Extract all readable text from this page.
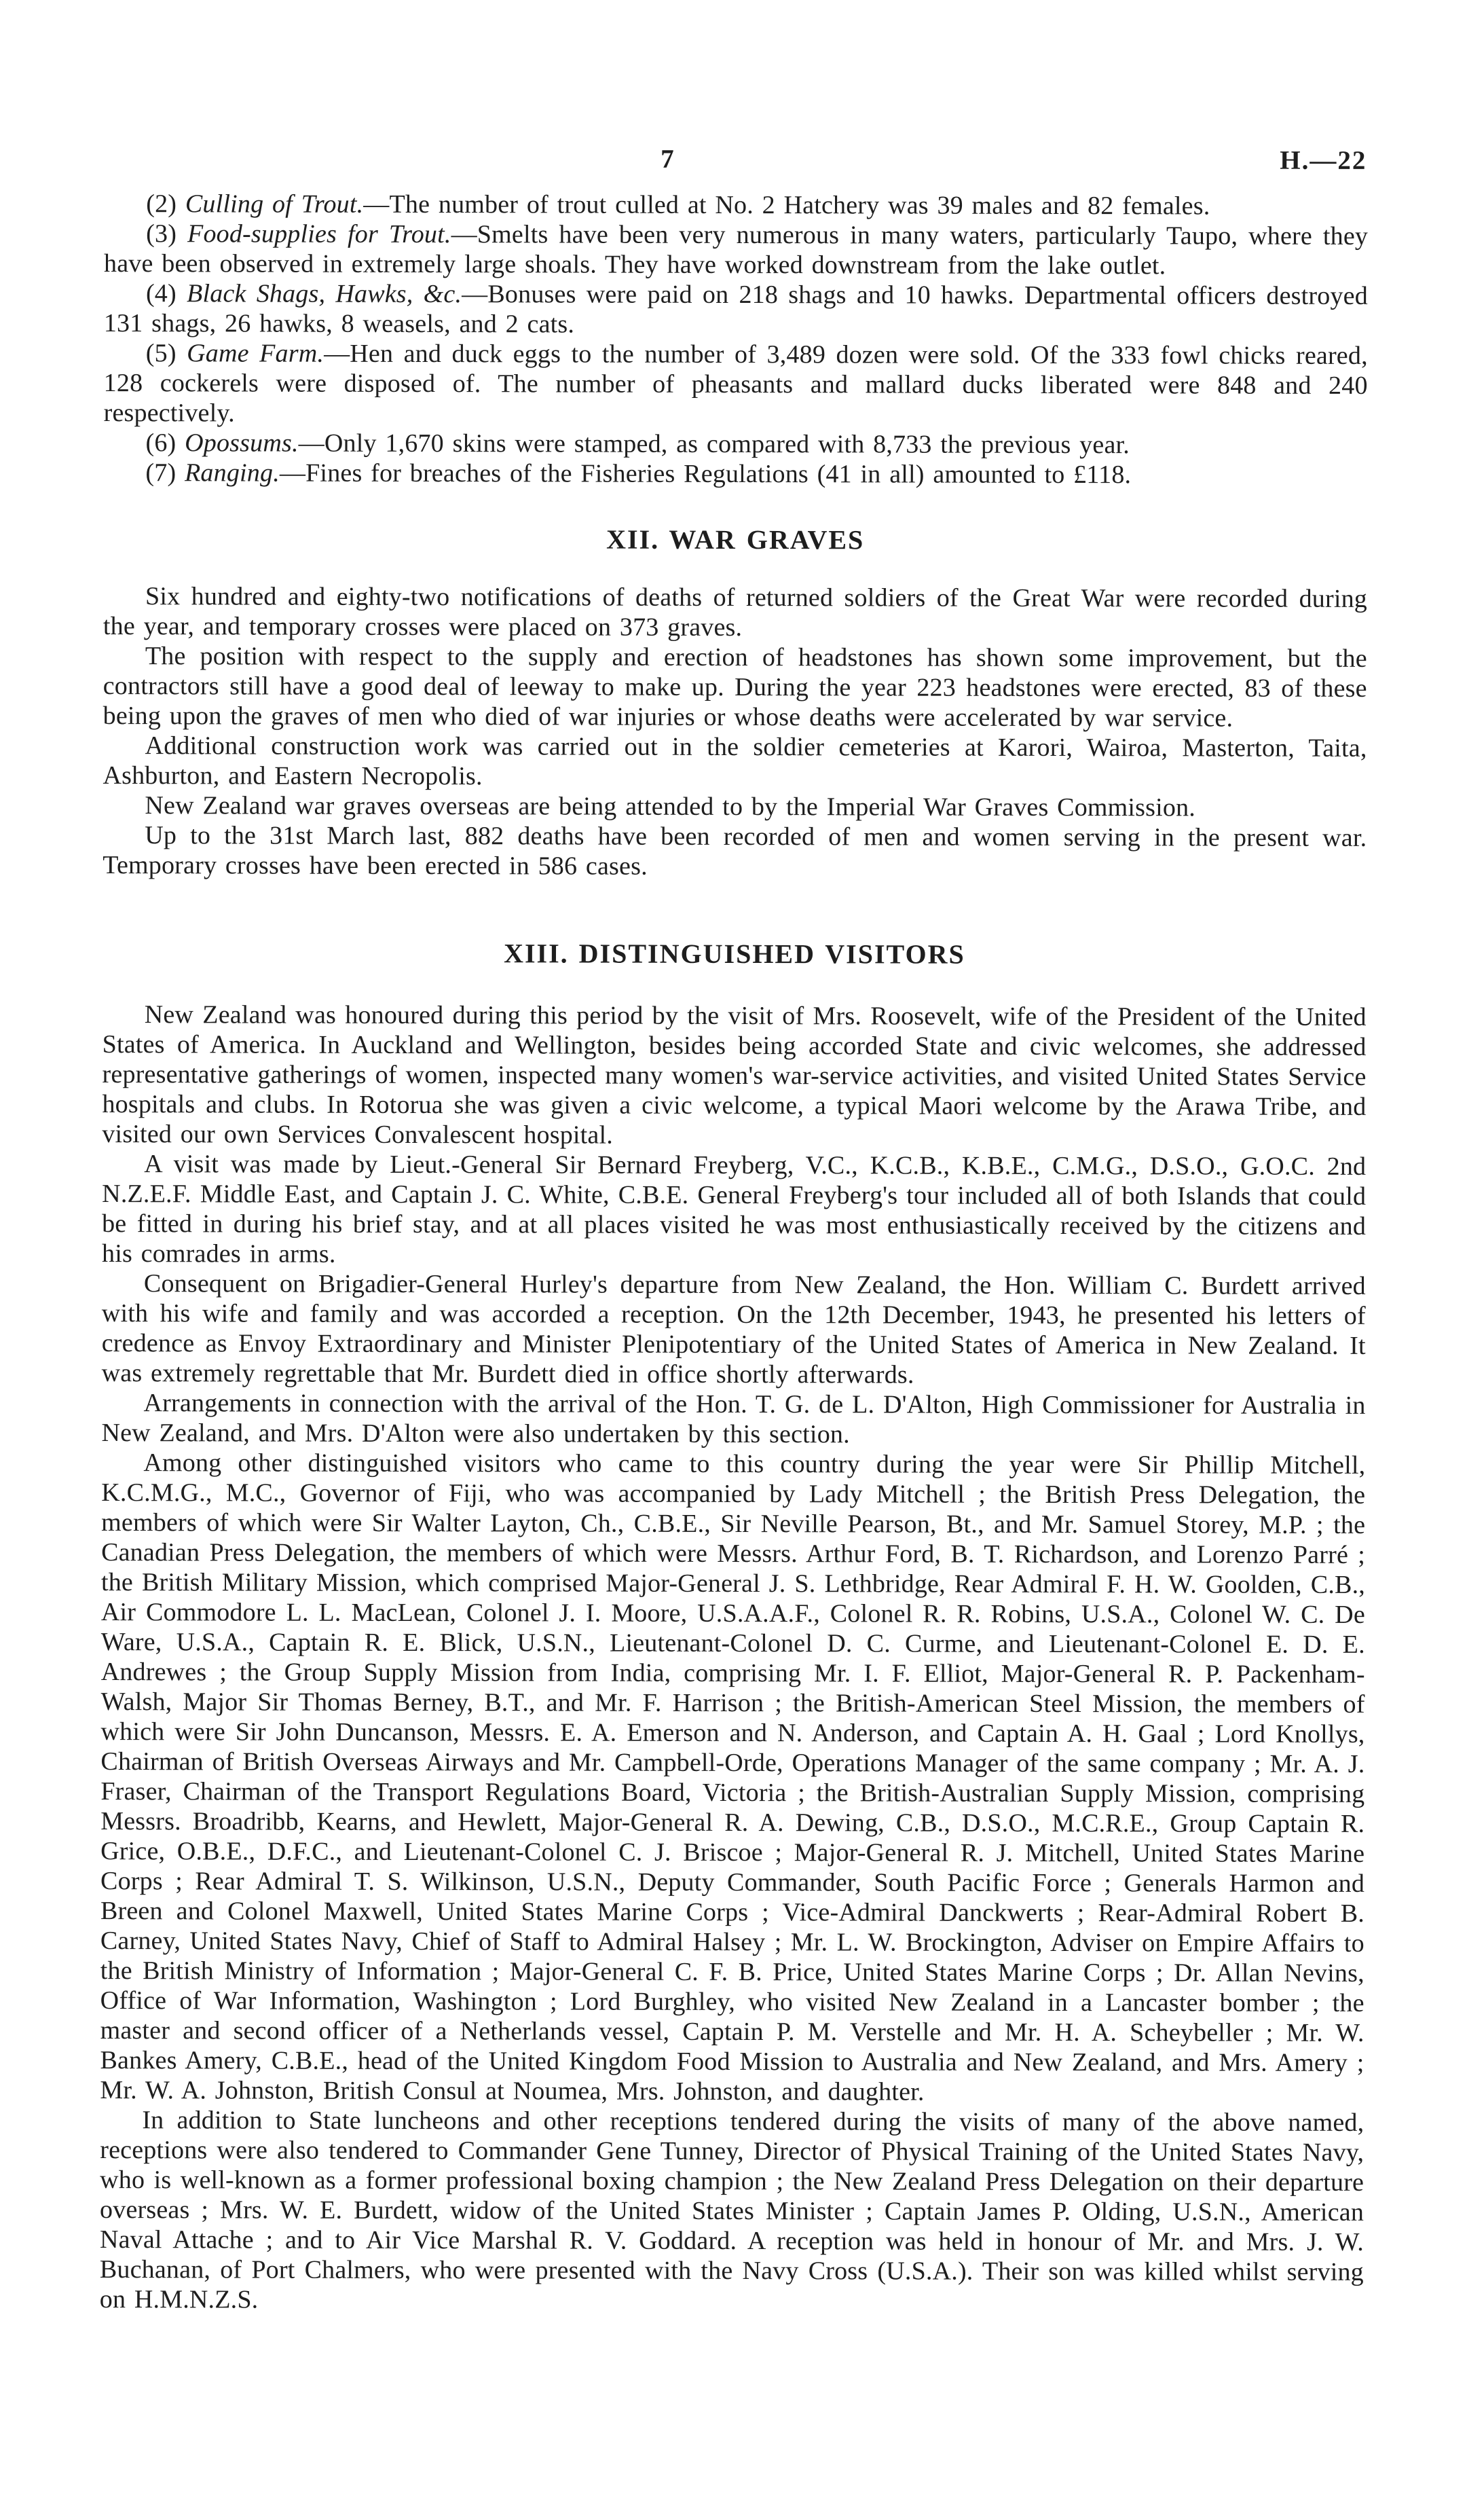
7	H.—22

(2) Culling of Trout.—The number of trout culled at No. 2 Hatchery was 39 males and 82 females.

(3) Food-supplies for Trout.—Smelts have been very numerous in many waters, particularly Taupo, where they have been observed in extremely large shoals. They have worked downstream from the lake outlet.

(4) Black Shags, Hawks, &c.—Bonuses were paid on 218 shags and 10 hawks. Departmental officers destroyed 131 shags, 26 hawks, 8 weasels, and 2 cats.

(5) Game Farm.—Hen and duck eggs to the number of 3,489 dozen were sold. Of the 333 fowl chicks reared, 128 cockerels were disposed of. The number of pheasants and mallard ducks liberated were 848 and 240 respectively.

(6) Opossums.—Only 1,670 skins were stamped, as compared with 8,733 the previous year.

(7) Ranging.—Fines for breaches of the Fisheries Regulations (41 in all) amounted to £118.

XII. WAR GRAVES

Six hundred and eighty-two notifications of deaths of returned soldiers of the Great War were recorded during the year, and temporary crosses were placed on 373 graves.

The position with respect to the supply and erection of headstones has shown some improvement, but the contractors still have a good deal of leeway to make up. During the year 223 headstones were erected, 83 of these being upon the graves of men who died of war injuries or whose deaths were accelerated by war service.

Additional construction work was carried out in the soldier cemeteries at Karori, Wairoa, Masterton, Taita, Ashburton, and Eastern Necropolis.

New Zealand war graves overseas are being attended to by the Imperial War Graves Commission.

Up to the 31st March last, 882 deaths have been recorded of men and women serving in the present war. Temporary crosses have been erected in 586 cases.

XIII. DISTINGUISHED VISITORS

New Zealand was honoured during this period by the visit of Mrs. Roosevelt, wife of the President of the United States of America. In Auckland and Wellington, besides being accorded State and civic welcomes, she addressed representative gatherings of women, inspected many women's war-service activities, and visited United States Service hospitals and clubs. In Rotorua she was given a civic welcome, a typical Maori welcome by the Arawa Tribe, and visited our own Services Convalescent hospital.

A visit was made by Lieut.-General Sir Bernard Freyberg, V.C., K.C.B., K.B.E., C.M.G., D.S.O., G.O.C. 2nd N.Z.E.F. Middle East, and Captain J. C. White, C.B.E. General Freyberg's tour included all of both Islands that could be fitted in during his brief stay, and at all places visited he was most enthusiastically received by the citizens and his comrades in arms.

Consequent on Brigadier-General Hurley's departure from New Zealand, the Hon. William C. Burdett arrived with his wife and family and was accorded a reception. On the 12th December, 1943, he presented his letters of credence as Envoy Extraordinary and Minister Plenipotentiary of the United States of America in New Zealand. It was extremely regrettable that Mr. Burdett died in office shortly afterwards.

Arrangements in connection with the arrival of the Hon. T. G. de L. D'Alton, High Commissioner for Australia in New Zealand, and Mrs. D'Alton were also undertaken by this section.

Among other distinguished visitors who came to this country during the year were Sir Phillip Mitchell, K.C.M.G., M.C., Governor of Fiji, who was accompanied by Lady Mitchell ; the British Press Delegation, the members of which were Sir Walter Layton, Ch., C.B.E., Sir Neville Pearson, Bt., and Mr. Samuel Storey, M.P. ; the Canadian Press Delegation, the members of which were Messrs. Arthur Ford, B. T. Richardson, and Lorenzo Parré ; the British Military Mission, which comprised Major-General J. S. Lethbridge, Rear Admiral F. H. W. Goolden, C.B., Air Commodore L. L. MacLean, Colonel J. I. Moore, U.S.A.A.F., Colonel R. R. Robins, U.S.A., Colonel W. C. De Ware, U.S.A., Captain R. E. Blick, U.S.N., Lieutenant-Colonel D. C. Curme, and Lieutenant-Colonel E. D. E. Andrewes ; the Group Supply Mission from India, comprising Mr. I. F. Elliot, Major-General R. P. Packenham-Walsh, Major Sir Thomas Berney, B.T., and Mr. F. Harrison ; the British-American Steel Mission, the members of which were Sir John Duncanson, Messrs. E. A. Emerson and N. Anderson, and Captain A. H. Gaal ; Lord Knollys, Chairman of British Overseas Airways and Mr. Campbell-Orde, Operations Manager of the same company ; Mr. A. J. Fraser, Chairman of the Transport Regulations Board, Victoria ; the British-Australian Supply Mission, comprising Messrs. Broadribb, Kearns, and Hewlett, Major-General R. A. Dewing, C.B., D.S.O., M.C.R.E., Group Captain R. Grice, O.B.E., D.F.C., and Lieutenant-Colonel C. J. Briscoe ; Major-General R. J. Mitchell, United States Marine Corps ; Rear Admiral T. S. Wilkinson, U.S.N., Deputy Commander, South Pacific Force ; Generals Harmon and Breen and Colonel Maxwell, United States Marine Corps ; Vice-Admiral Danckwerts ; Rear-Admiral Robert B. Carney, United States Navy, Chief of Staff to Admiral Halsey ; Mr. L. W. Brockington, Adviser on Empire Affairs to the British Ministry of Information ; Major-General C. F. B. Price, United States Marine Corps ; Dr. Allan Nevins, Office of War Information, Washington ; Lord Burghley, who visited New Zealand in a Lancaster bomber ; the master and second officer of a Netherlands vessel, Captain P. M. Verstelle and Mr. H. A. Scheybeller ; Mr. W. Bankes Amery, C.B.E., head of the United Kingdom Food Mission to Australia and New Zealand, and Mrs. Amery ; Mr. W. A. Johnston, British Consul at Noumea, Mrs. Johnston, and daughter.

In addition to State luncheons and other receptions tendered during the visits of many of the above named, receptions were also tendered to Commander Gene Tunney, Director of Physical Training of the United States Navy, who is well-known as a former professional boxing champion ; the New Zealand Press Delegation on their departure overseas ; Mrs. W. E. Burdett, widow of the United States Minister ; Captain James P. Olding, U.S.N., American Naval Attache ; and to Air Vice Marshal R. V. Goddard. A reception was held in honour of Mr. and Mrs. J. W. Buchanan, of Port Chalmers, who were presented with the Navy Cross (U.S.A.). Their son was killed whilst serving on H.M.N.Z.S.
